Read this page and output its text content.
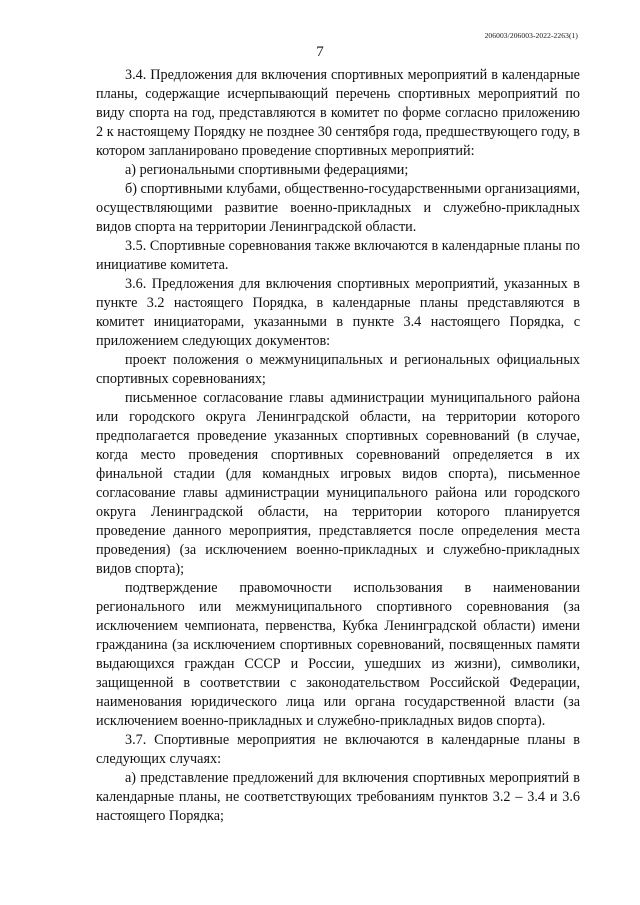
206003/206003-2022-2263(1)
7

3.4. Предложения для включения спортивных мероприятий в календарные планы, содержащие исчерпывающий перечень спортивных мероприятий по виду спорта на год, представляются в комитет по форме согласно приложению 2 к настоящему Порядку не позднее 30 сентября года, предшествующего году, в котором запланировано проведение спортивных мероприятий:

а) региональными спортивными федерациями;

б) спортивными клубами, общественно-государственными организациями, осуществляющими развитие военно-прикладных и служебно-прикладных видов спорта на территории Ленинградской области.

3.5. Спортивные соревнования также включаются в календарные планы по инициативе комитета.

3.6. Предложения для включения спортивных мероприятий, указанных в пункте 3.2 настоящего Порядка, в календарные планы представляются в комитет инициаторами, указанными в пункте 3.4 настоящего Порядка, с приложением следующих документов:

проект положения о межмуниципальных и региональных официальных спортивных соревнованиях;

письменное согласование главы администрации муниципального района или городского округа Ленинградской области, на территории которого предполагается проведение указанных спортивных соревнований (в случае, когда место проведения спортивных соревнований определяется в их финальной стадии (для командных игровых видов спорта), письменное согласование главы администрации муниципального района или городского округа Ленинградской области, на территории которого планируется проведение данного мероприятия, представляется после определения места проведения) (за исключением военно-прикладных и служебно-прикладных видов спорта);

подтверждение правомочности использования в наименовании регионального или межмуниципального спортивного соревнования (за исключением чемпионата, первенства, Кубка Ленинградской области) имени гражданина (за исключением спортивных соревнований, посвященных памяти выдающихся граждан СССР и России, ушедших из жизни), символики, защищенной в соответствии с законодательством Российской Федерации, наименования юридического лица или органа государственной власти (за исключением военно-прикладных и служебно-прикладных видов спорта).

3.7. Спортивные мероприятия не включаются в календарные планы в следующих случаях:

а) представление предложений для включения спортивных мероприятий в календарные планы, не соответствующих требованиям пунктов 3.2 – 3.4 и 3.6 настоящего Порядка;
